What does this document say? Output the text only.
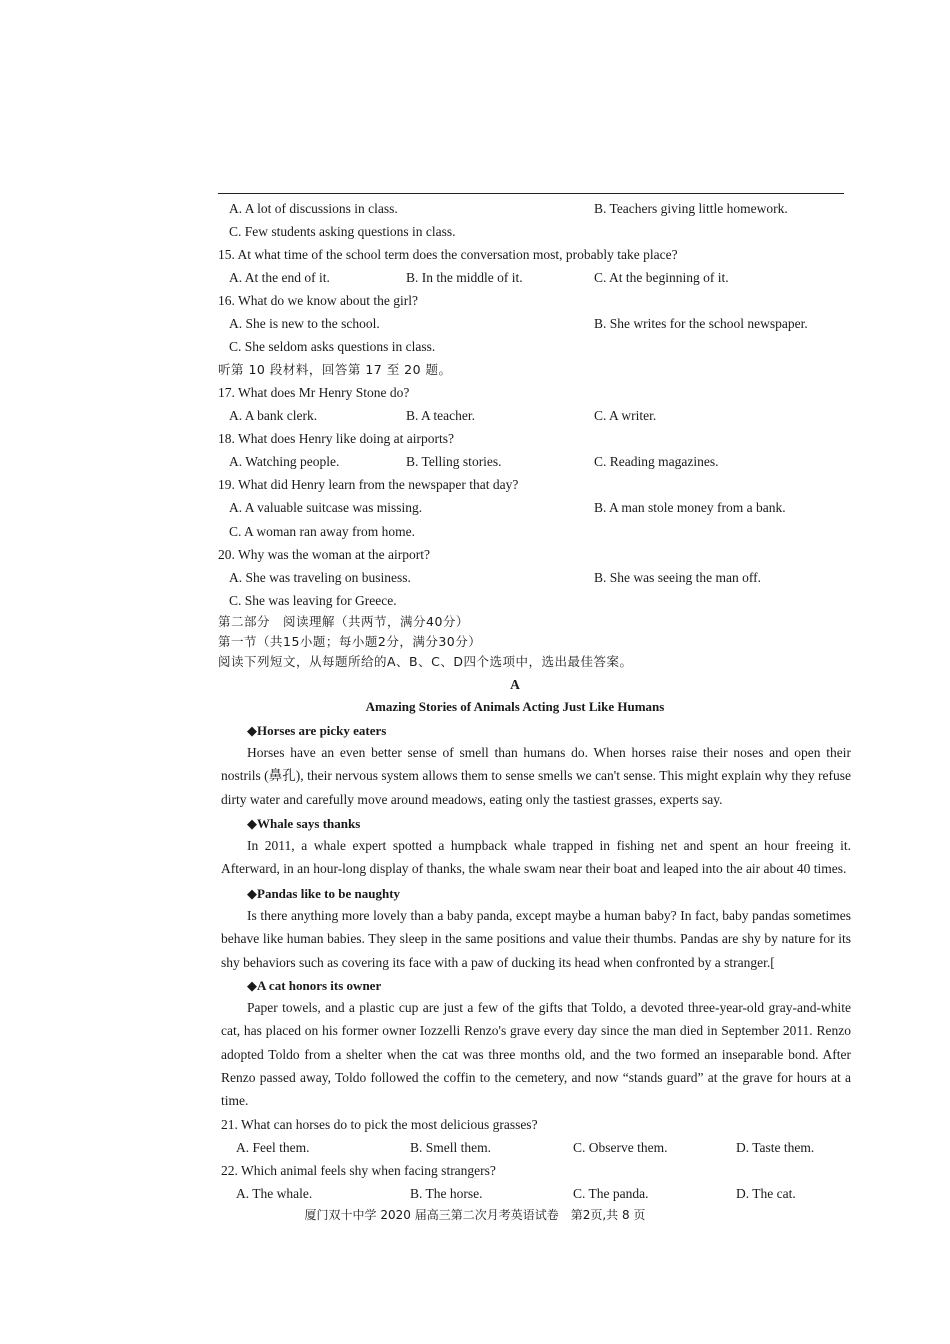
A. A lot of discussions in class.	B. Teachers giving little homework.
C. Few students asking questions in class.
15. At what time of the school term does the conversation most, probably take place?
A. At the end of it.	B. In the middle of it.	C. At the beginning of it.
16. What do we know about the girl?
A. She is new to the school.	B. She writes for the school newspaper.
C. She seldom asks questions in class.
听第 10 段材料，回答第 17 至 20 题。
17. What does Mr Henry Stone do?
A. A bank clerk.	B. A teacher.	C. A writer.
18. What does Henry like doing at airports?
A. Watching people.	B. Telling stories.	C. Reading magazines.
19. What did Henry learn from the newspaper that day?
A. A valuable suitcase was missing.	B. A man stole money from a bank.
C. A woman ran away from home.
20. Why was the woman at the airport?
A. She was traveling on business.	B. She was seeing the man off.
C. She was leaving for Greece.
第二部分　阅读理解（共两节，满分40分）
第一节（共15小题；每小题2分，满分30分）
阅读下列短文，从每题所给的A、B、C、D四个选项中，选出最佳答案。
A
Amazing Stories of Animals Acting Just Like Humans
◆Horses are picky eaters

Horses have an even better sense of smell than humans do. When horses raise their noses and open their nostrils (鼻孔), their nervous system allows them to sense smells we can't sense. This might explain why they refuse dirty water and carefully move around meadows, eating only the tastiest grasses, experts say.

◆Whale says thanks

In 2011, a whale expert spotted a humpback whale trapped in fishing net and spent an hour freeing it. Afterward, in an hour-long display of thanks, the whale swam near their boat and leaped into the air about 40 times.

◆Pandas like to be naughty

Is there anything more lovely than a baby panda, except maybe a human baby? In fact, baby pandas sometimes behave like human babies. They sleep in the same positions and value their thumbs. Pandas are shy by nature for its shy behaviors such as covering its face with a paw of ducking its head when confronted by a stranger.[

◆A cat honors its owner

Paper towels, and a plastic cup are just a few of the gifts that Toldo, a devoted three-year-old gray-and-white cat, has placed on his former owner Iozzelli Renzo's grave every day since the man died in September 2011. Renzo adopted Toldo from a shelter when the cat was three months old, and the two formed an inseparable bond. After Renzo passed away, Toldo followed the coffin to the cemetery, and now “stands guard” at the grave for hours at a time.

21. What can horses do to pick the most delicious grasses?
A. Feel them.	B. Smell them.	C. Observe them.	D. Taste them.
22. Which animal feels shy when facing strangers?
A. The whale.	B. The horse.	C. The panda.	D. The cat.
厦门双十中学 2020 届高三第二次月考英语试卷　第2页,共 8 页
